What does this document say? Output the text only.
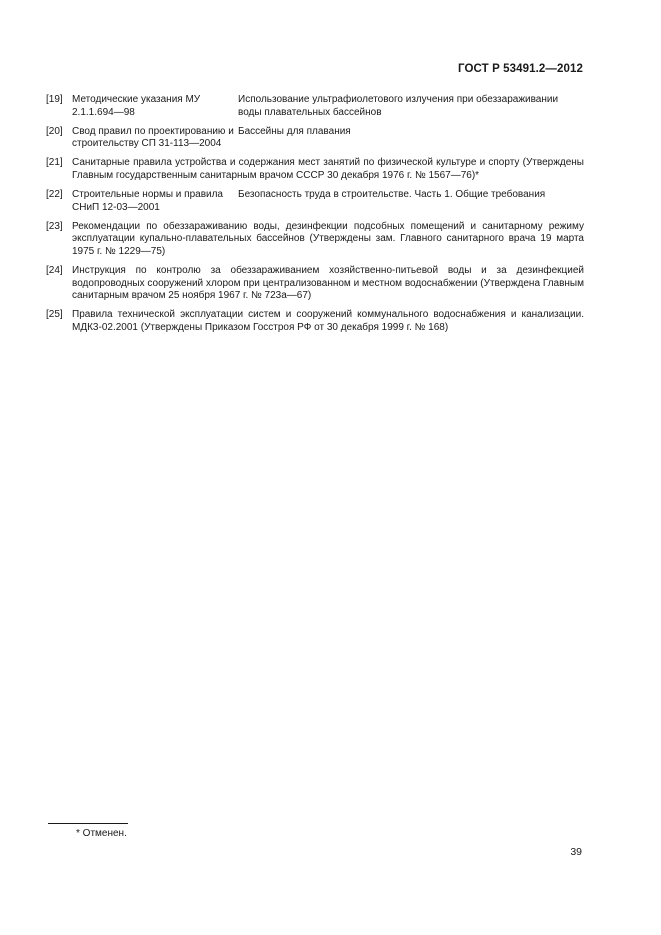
ГОСТ Р 53491.2—2012
[19] Методические указания МУ 2.1.1.694—98
Использование ультрафиолетового излучения при обеззараживании воды плавательных бассейнов
[20] Свод правил по проектированию и строительству СП 31-113—2004
Бассейны для плавания
[21] Санитарные правила устройства и содержания мест занятий по физической культуре и спорту (Утверждены Главным государственным санитарным врачом СССР 30 декабря 1976 г. № 1567—76)*
[22] Строительные нормы и правила СНиП 12-03—2001
Безопасность труда в строительстве. Часть 1. Общие требования
[23] Рекомендации по обеззараживанию воды, дезинфекции подсобных помещений и санитарному режиму эксплуатации купально-плавательных бассейнов (Утверждены зам. Главного санитарного врача 19 марта 1975 г. № 1229—75)
[24] Инструкция по контролю за обеззараживанием хозяйственно-питьевой воды и за дезинфекцией водопроводных сооружений хлором при централизованном и местном водоснабжении (Утверждена Главным санитарным врачом 25 ноября 1967 г. № 723а—67)
[25] Правила технической эксплуатации систем и сооружений коммунального водоснабжения и канализации. МДК3-02.2001 (Утверждены Приказом Госстроя РФ от 30 декабря 1999 г. № 168)
* Отменен.
39
